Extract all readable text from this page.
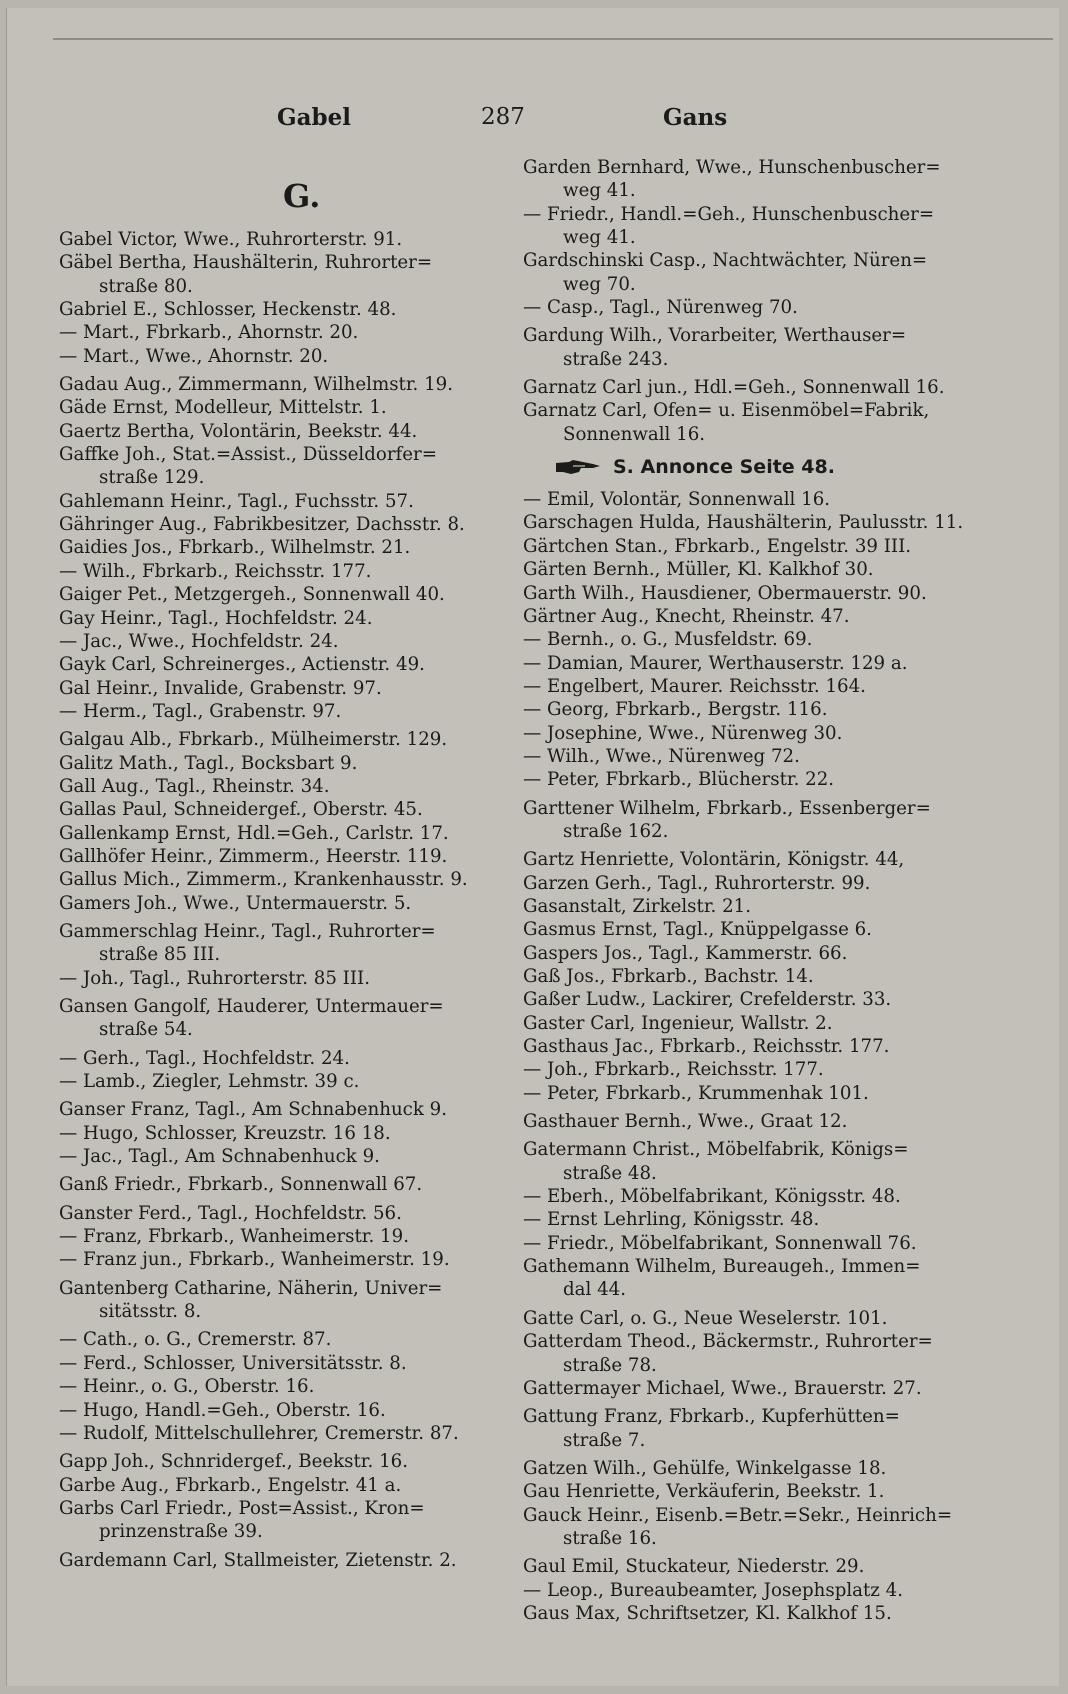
Gabel	287	Gans
G.
Gabel Victor, Wwe., Ruhrorterstr. 91.
Gäbel Bertha, Haushälterin, Ruhrorter=
straße 80.
Gabriel E., Schlosser, Heckenstr. 48.
— Mart., Fbrkarb., Ahornstr. 20.
— Mart., Wwe., Ahornstr. 20.
Gadau Aug., Zimmermann, Wilhelmstr. 19.
Gäde Ernst, Modelleur, Mittelstr. 1.
Gaertz Bertha, Volontärin, Beekstr. 44.
Gaffke Joh., Stat.=Assist., Düsseldorfer=
straße 129.
Gahlemann Heinr., Tagl., Fuchsstr. 57.
Gähringer Aug., Fabrikbesitzer, Dachsstr. 8.
Gaidies Jos., Fbrkarb., Wilhelmstr. 21.
— Wilh., Fbrkarb., Reichsstr. 177.
Gaiger Pet., Metzgergeh., Sonnenwall 40.
Gay Heinr., Tagl., Hochfeldstr. 24.
— Jac., Wwe., Hochfeldstr. 24.
Gayk Carl, Schreinerges., Actienstr. 49.
Gal Heinr., Invalide, Grabenstr. 97.
— Herm., Tagl., Grabenstr. 97.
Galgau Alb., Fbrkarb., Mülheimerstr. 129.
Galitz Math., Tagl., Bocksbart 9.
Gall Aug., Tagl., Rheinstr. 34.
Gallas Paul, Schneidergef., Oberstr. 45.
Gallenkamp Ernst, Hdl.=Geh., Carlstr. 17.
Gallhöfer Heinr., Zimmerm., Heerstr. 119.
Gallus Mich., Zimmerm., Krankenhausstr. 9.
Gamers Joh., Wwe., Untermauerstr. 5.
Gammerschlag Heinr., Tagl., Ruhrorter=
straße 85 III.
— Joh., Tagl., Ruhrorterstr. 85 III.
Gansen Gangolf, Hauderer, Untermauer=
straße 54.
— Gerh., Tagl., Hochfeldstr. 24.
— Lamb., Ziegler, Lehmstr. 39 c.
Ganser Franz, Tagl., Am Schnabenhuck 9.
— Hugo, Schlosser, Kreuzstr. 16 18.
— Jac., Tagl., Am Schnabenhuck 9.
Ganß Friedr., Fbrkarb., Sonnenwall 67.
Ganster Ferd., Tagl., Hochfeldstr. 56.
— Franz, Fbrkarb., Wanheimerstr. 19.
— Franz jun., Fbrkarb., Wanheimerstr. 19.
Gantenberg Catharine, Näherin, Univer=
sitätsstr. 8.
— Cath., o. G., Cremerstr. 87.
— Ferd., Schlosser, Universitätsstr. 8.
— Heinr., o. G., Oberstr. 16.
— Hugo, Handl.=Geh., Oberstr. 16.
— Rudolf, Mittelschullehrer, Cremerstr. 87.
Gapp Joh., Schnridergef., Beekstr. 16.
Garbe Aug., Fbrkarb., Engelstr. 41 a.
Garbs Carl Friedr., Post=Assist., Kron=
prinzenstraße 39.
Gardemann Carl, Stallmeister, Zietenstr. 2.
Garden Bernhard, Wwe., Hunschenbuscher=
weg 41.
— Friedr., Handl.=Geh., Hunschenbuscher=
weg 41.
Gardschinski Casp., Nachtwächter, Nüren=
weg 70.
— Casp., Tagl., Nürenweg 70.
Gardung Wilh., Vorarbeiter, Werthauser=
straße 243.
Garnatz Carl jun., Hdl.=Geh., Sonnenwall 16.
Garnatz Carl, Ofen= u. Eisenmöbel=Fabrik,
Sonnenwall 16.
S. Annonce Seite 48.
— Emil, Volontär, Sonnenwall 16.
Garschagen Hulda, Haushälterin, Paulusstr. 11.
Gärtchen Stan., Fbrkarb., Engelstr. 39 III.
Gärten Bernh., Müller, Kl. Kalkhof 30.
Garth Wilh., Hausdiener, Obermauerstr. 90.
Gärtner Aug., Knecht, Rheinstr. 47.
— Bernh., o. G., Musfeldstr. 69.
— Damian, Maurer, Werthauserstr. 129 a.
— Engelbert, Maurer. Reichsstr. 164.
— Georg, Fbrkarb., Bergstr. 116.
— Josephine, Wwe., Nürenweg 30.
— Wilh., Wwe., Nürenweg 72.
— Peter, Fbrkarb., Blücherstr. 22.
Garttener Wilhelm, Fbrkarb., Essenberger=
straße 162.
Gartz Henriette, Volontärin, Königstr. 44,
Garzen Gerh., Tagl., Ruhrorterstr. 99.
Gasanstalt, Zirkelstr. 21.
Gasmus Ernst, Tagl., Knüppelgasse 6.
Gaspers Jos., Tagl., Kammerstr. 66.
Gaß Jos., Fbrkarb., Bachstr. 14.
Gaßer Ludw., Lackirer, Crefelderstr. 33.
Gaster Carl, Ingenieur, Wallstr. 2.
Gasthaus Jac., Fbrkarb., Reichsstr. 177.
— Joh., Fbrkarb., Reichsstr. 177.
— Peter, Fbrkarb., Krummenhak 101.
Gasthauer Bernh., Wwe., Graat 12.
Gatermann Christ., Möbelfabrik, Königs=
straße 48.
— Eberh., Möbelfabrikant, Königsstr. 48.
— Ernst Lehrling, Königsstr. 48.
— Friedr., Möbelfabrikant, Sonnenwall 76.
Gathemann Wilhelm, Bureaugeh., Immen=
dal 44.
Gatte Carl, o. G., Neue Weselerstr. 101.
Gatterdam Theod., Bäckermstr., Ruhrorter=
straße 78.
Gattermayer Michael, Wwe., Brauerstr. 27.
Gattung Franz, Fbrkarb., Kupferhütten=
straße 7.
Gatzen Wilh., Gehülfe, Winkelgasse 18.
Gau Henriette, Verkäuferin, Beekstr. 1.
Gauck Heinr., Eisenb.=Betr.=Sekr., Heinrich=
straße 16.
Gaul Emil, Stuckateur, Niederstr. 29.
— Leop., Bureaubeamter, Josephsplatz 4.
Gaus Max, Schriftsetzer, Kl. Kalkhof 15.
